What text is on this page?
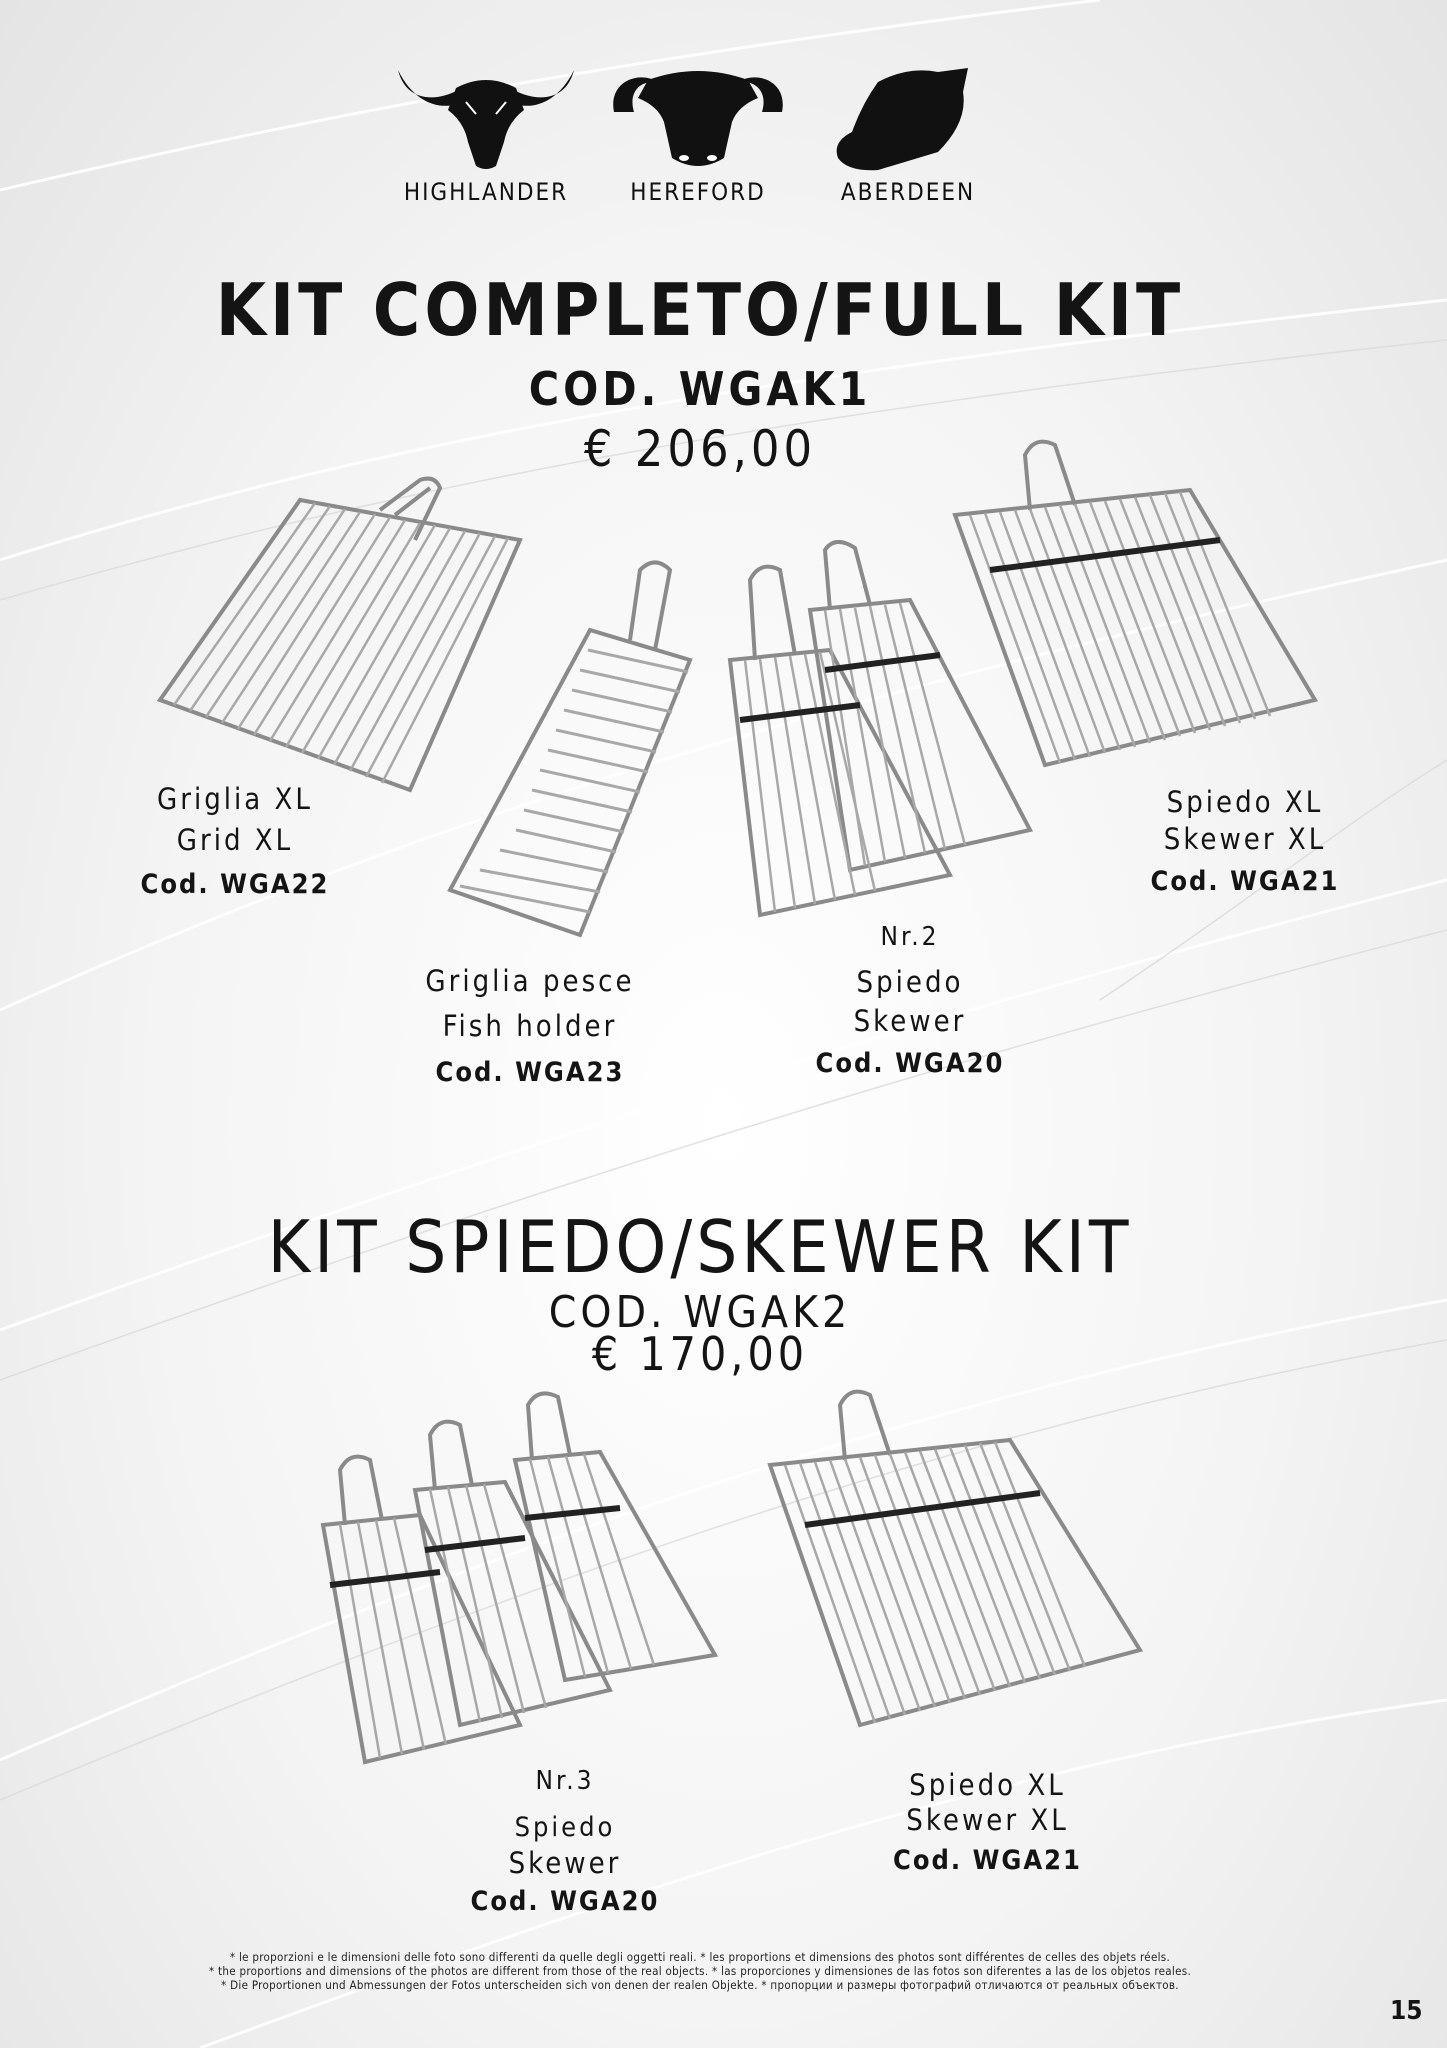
HIGHLANDER	HEREFORD	ABERDEEN
KIT COMPLETO/FULL KIT
COD. WGAK1
€ 206,00
Griglia XL
Grid XL
Cod. WGA22
Griglia pesce
Fish holder
Cod. WGA23
Nr.2
Spiedo
Skewer
Cod. WGA20
Spiedo XL
Skewer XL
Cod. WGA21
KIT SPIEDO/SKEWER KIT
COD. WGAK2
€ 170,00
Nr.3
Spiedo
Skewer
Cod. WGA20
Spiedo XL
Skewer XL
Cod. WGA21
* le proporzioni e le dimensioni delle foto sono differenti da quelle degli oggetti reali. * les proportions et dimensions des photos sont différentes de celles des objets réels.
* the proportions and dimensions of the photos are different from those of the real objects. * las proporciones y dimensiones de las fotos son diferentes a las de los objetos reales.
* Die Proportionen und Abmessungen der Fotos unterscheiden sich von denen der realen Objekte. * пропорции и размеры фотографий отличаются от реальных объектов.
15
